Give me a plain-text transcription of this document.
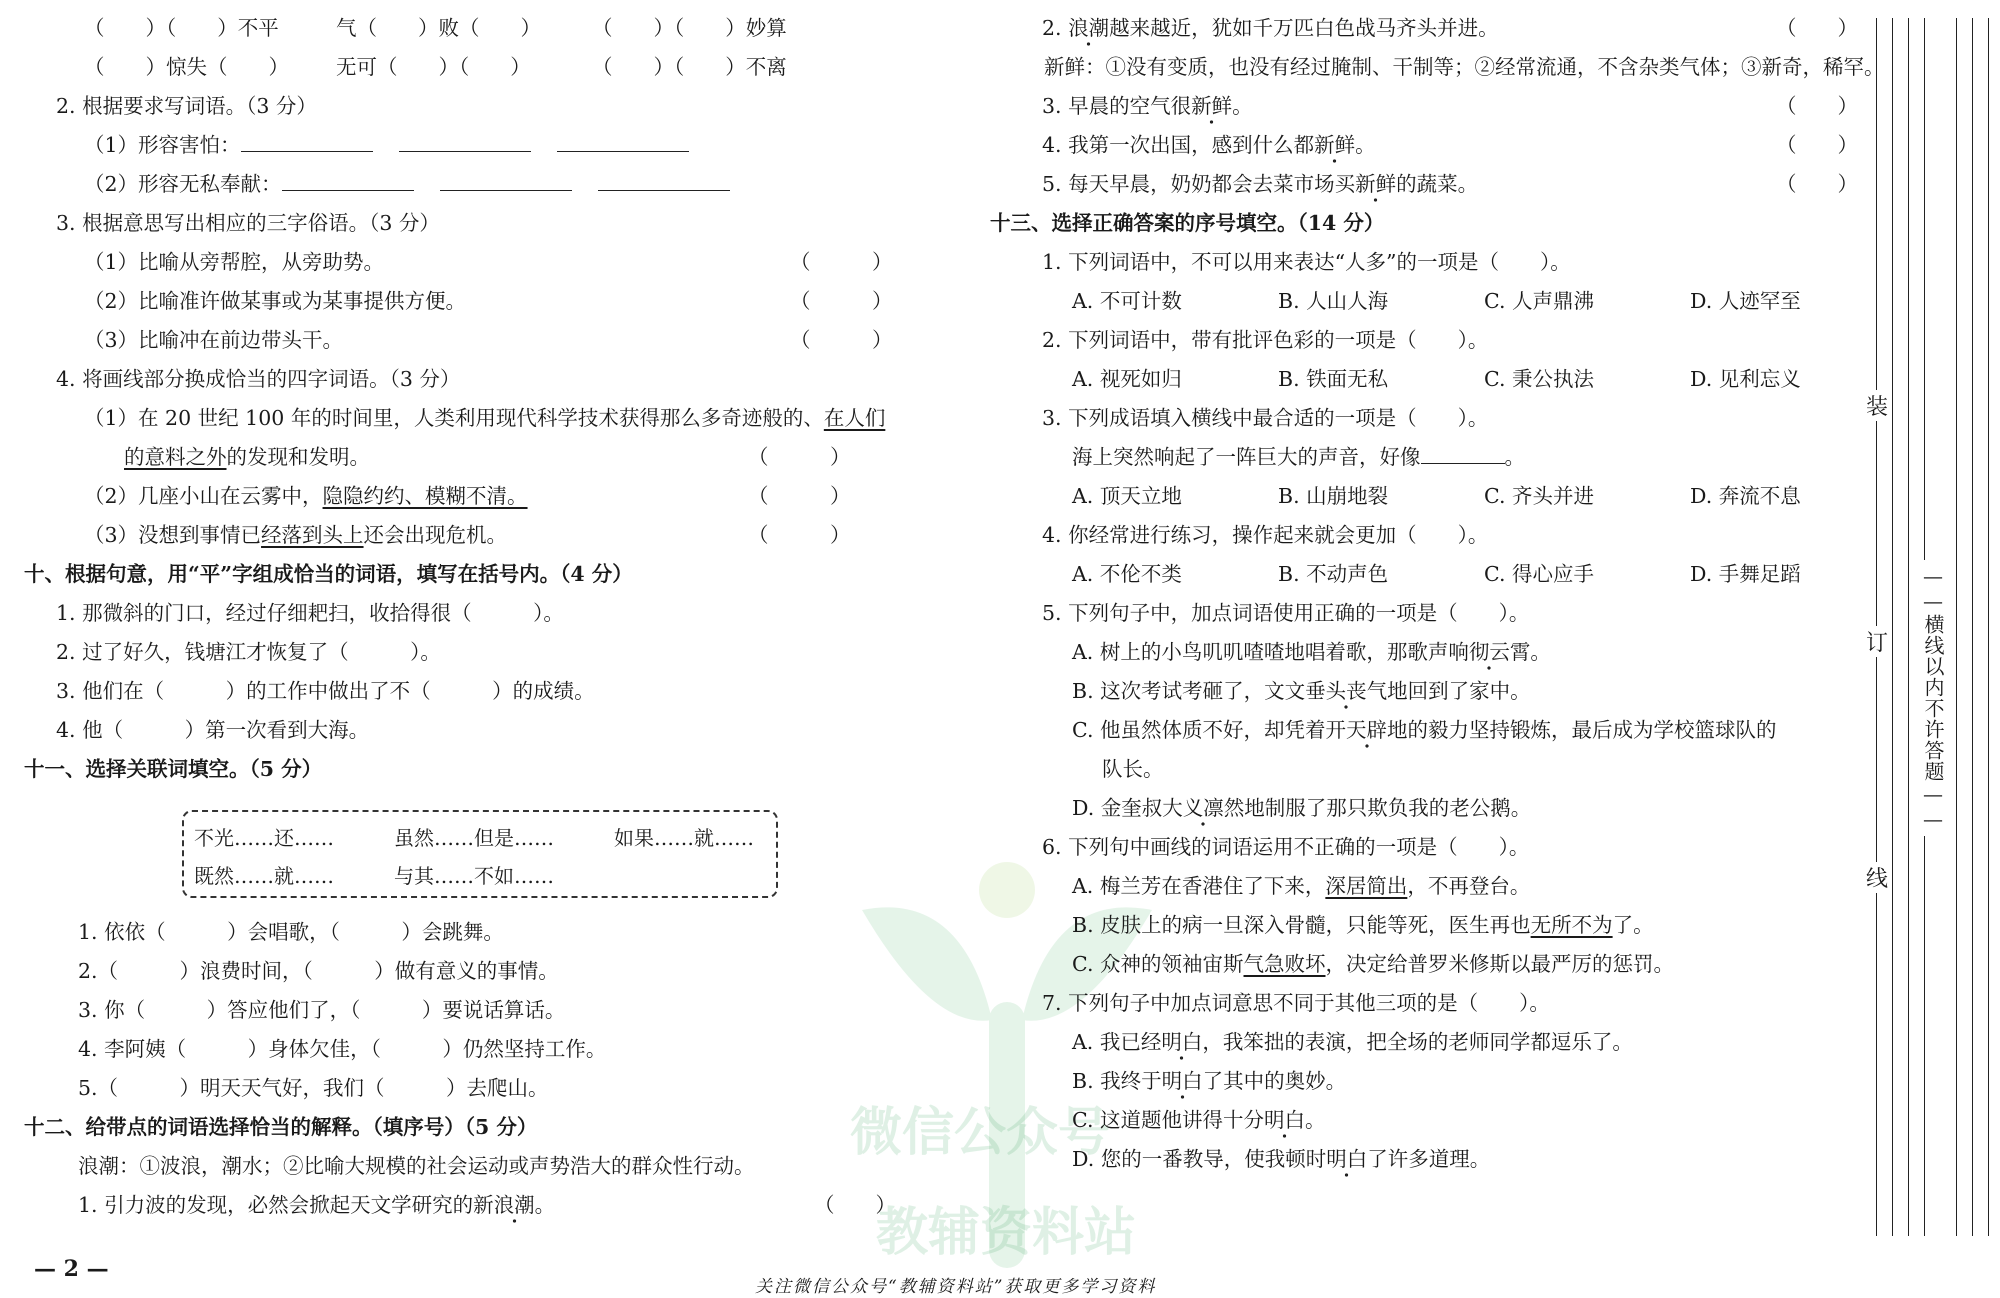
微信公众号
教辅资料站
（　　）（　　）不平	气（　　）败（　　） （　　）（　　）妙算
（　　）惊失（　　） 无可（　　）（　　）	（　　）（　　）不离
2. 根据要求写词语。（3 分）
（1）形容害怕：
（2）形容无私奉献：
3. 根据意思写出相应的三字俗语。（3 分）
（1）比喻从旁帮腔，从旁助势。	（　　　）
（2）比喻准许做某事或为某事提供方便。	（　　　）
（3）比喻冲在前边带头干。	（　　　）
4. 将画线部分换成恰当的四字词语。（3 分）
（1）在 20 世纪 100 年的时间里，人类利用现代科学技术获得那么多奇迹般的、在人们
的意料之外的发现和发明。	（　　　）
（2）几座小山在云雾中，隐隐约约、模糊不清。	（　　　）
（3）没想到事情已经落到头上还会出现危机。	（　　　）
十、根据句意，用“平”字组成恰当的词语，填写在括号内。（4 分）
1. 那微斜的门口，经过仔细耙扫，收拾得很（　　　）。
2. 过了好久，钱塘江才恢复了（　　　）。
3. 他们在（　　　）的工作中做出了不（　　　）的成绩。
4. 他（　　　）第一次看到大海。
十一、选择关联词填空。（5 分）
不光……还……	虽然……但是……	如果……就……
既然……就……	与其……不如……
1. 依依（　　　）会唱歌，（　　　）会跳舞。
2.（　　　）浪费时间，（　　　）做有意义的事情。
3. 你（　　　）答应他们了，（　　　）要说话算话。
4. 李阿姨（　　　）身体欠佳，（　　　）仍然坚持工作。
5.（　　　）明天天气好，我们（　　　）去爬山。
十二、给带点的词语选择恰当的解释。（填序号）（5 分）
浪潮：①波浪，潮水；②比喻大规模的社会运动或声势浩大的群众性行动。
1. 引力波的发现，必然会掀起天文学研究的新浪潮。	（　　）
— 2 —
关注微信公众号“教辅资料站”获取更多学习资料
2. 浪潮越来越近，犹如千万匹白色战马齐头并进。	（　　）
新鲜：①没有变质，也没有经过腌制、干制等；②经常流通，不含杂类气体；③新奇，稀罕。
3. 早晨的空气很新鲜。	（　　）
4. 我第一次出国，感到什么都新鲜。	（　　）
5. 每天早晨，奶奶都会去菜市场买新鲜的蔬菜。	（　　）
十三、选择正确答案的序号填空。（14 分）
1. 下列词语中，不可以用来表达“人多”的一项是（　　）。
A. 不可计数	B. 人山人海	C. 人声鼎沸	D. 人迹罕至
2. 下列词语中，带有批评色彩的一项是（　　）。
A. 视死如归	B. 铁面无私	C. 秉公执法	D. 见利忘义
3. 下列成语填入横线中最合适的一项是（　　）。
海上突然响起了一阵巨大的声音，好像	。
A. 顶天立地	B. 山崩地裂	C. 齐头并进	D. 奔流不息
4. 你经常进行练习，操作起来就会更加（　　）。
A. 不伦不类	B. 不动声色	C. 得心应手	D. 手舞足蹈
5. 下列句子中，加点词语使用正确的一项是（　　）。
A. 树上的小鸟叽叽喳喳地唱着歌，那歌声响彻云霄。
B. 这次考试考砸了，文文垂头丧气地回到了家中。
C. 他虽然体质不好，却凭着开天辟地的毅力坚持锻炼，最后成为学校篮球队的
队长。
D. 金奎叔大义凛然地制服了那只欺负我的老公鹅。
6. 下列句中画线的词语运用不正确的一项是（　　）。
A. 梅兰芳在香港住了下来，深居简出，不再登台。
B. 皮肤上的病一旦深入骨髓，只能等死，医生再也无所不为了。
C. 众神的领袖宙斯气急败坏，决定给普罗米修斯以最严厉的惩罚。
7. 下列句子中加点词意思不同于其他三项的是（　　）。
A. 我已经明白，我笨拙的表演，把全场的老师同学都逗乐了。
B. 我终于明白了其中的奥妙。
C. 这道题他讲得十分明白。
D. 您的一番教导，使我顿时明白了许多道理。
装
订
线
——横线以内不许答题——
